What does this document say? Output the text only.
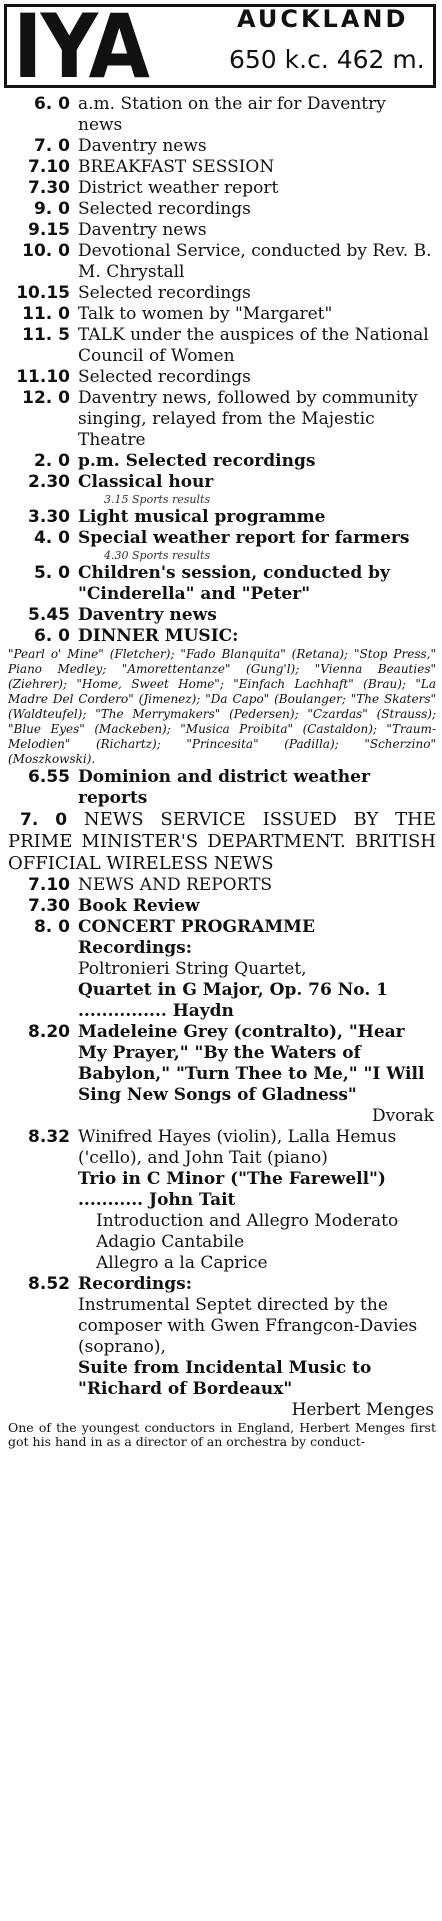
IYA	AUCKLAND
650 k.c. 462 m.
6. 0 a.m. Station on the air for Daventry news
7. 0 Daventry news
7.10 BREAKFAST SESSION
7.30 District weather report
9. 0 Selected recordings
9.15 Daventry news
10. 0 Devotional Service, conducted by Rev. B. M. Chrystall
10.15 Selected recordings
11. 0 Talk to women by "Margaret"
11. 5 TALK under the auspices of the National Council of Women
11.10 Selected recordings
12. 0 Daventry news, followed by community singing, relayed from the Majestic Theatre
2. 0 p.m. Selected recordings
2.30 Classical hour

3.15 Sports results

3.30 Light musical programme
4. 0 Special weather report for farmers

4.30 Sports results

5. 0 Children's session, conducted by "Cinderella" and "Peter"
5.45 Daventry news
6. 0 DINNER MUSIC:

"Pearl o' Mine" (Fletcher); "Fado Blanquita" (Retana); "Stop Press," Piano Medley; "Amorettentanze" (Gung'l); "Vienna Beauties" (Ziehrer); "Home, Sweet Home"; "Einfach Lachhaft" (Brau); "La Madre Del Cordero" (Jimenez); "Da Capo" (Boulanger; "The Skaters" (Waldteufel); "The Merrymakers" (Pedersen); "Czardas" (Strauss); "Blue Eyes" (Mackeben); "Musica Proibita" (Castaldon); "Traum-Melodien" (Richartz); "Princesita" (Padilla); "Scherzino" (Moszkowski).

6.55 Dominion and district weather reports

7. 0 NEWS SERVICE ISSUED BY THE PRIME MINISTER'S DEPARTMENT. BRITISH OFFICIAL WIRELESS NEWS

7.10 NEWS AND REPORTS
7.30 Book Review
8. 0 CONCERT PROGRAMME
Recordings:
Poltronieri String Quartet,
Quartet in G Major, Op. 76 No. 1 ............... Haydn
8.20 Madeleine Grey (contralto), "Hear My Prayer," "By the Waters of Babylon," "Turn Thee to Me," "I Will Sing New Songs of Gladness"
Dvorak
8.32 Winifred Hayes (violin), Lalla Hemus ('cello), and John Tait (piano)
Trio in C Minor ("The Farewell") ........... John Tait
Introduction and Allegro Moderato
Adagio Cantabile
Allegro a la Caprice
8.52 Recordings:
Instrumental Septet directed by the composer with Gwen Ffrangcon-Davies (soprano),
Suite from Incidental Music to "Richard of Bordeaux"
Herbert Menges

One of the youngest conductors in England, Herbert Menges first got his hand in as a director of an orchestra by conduct-
